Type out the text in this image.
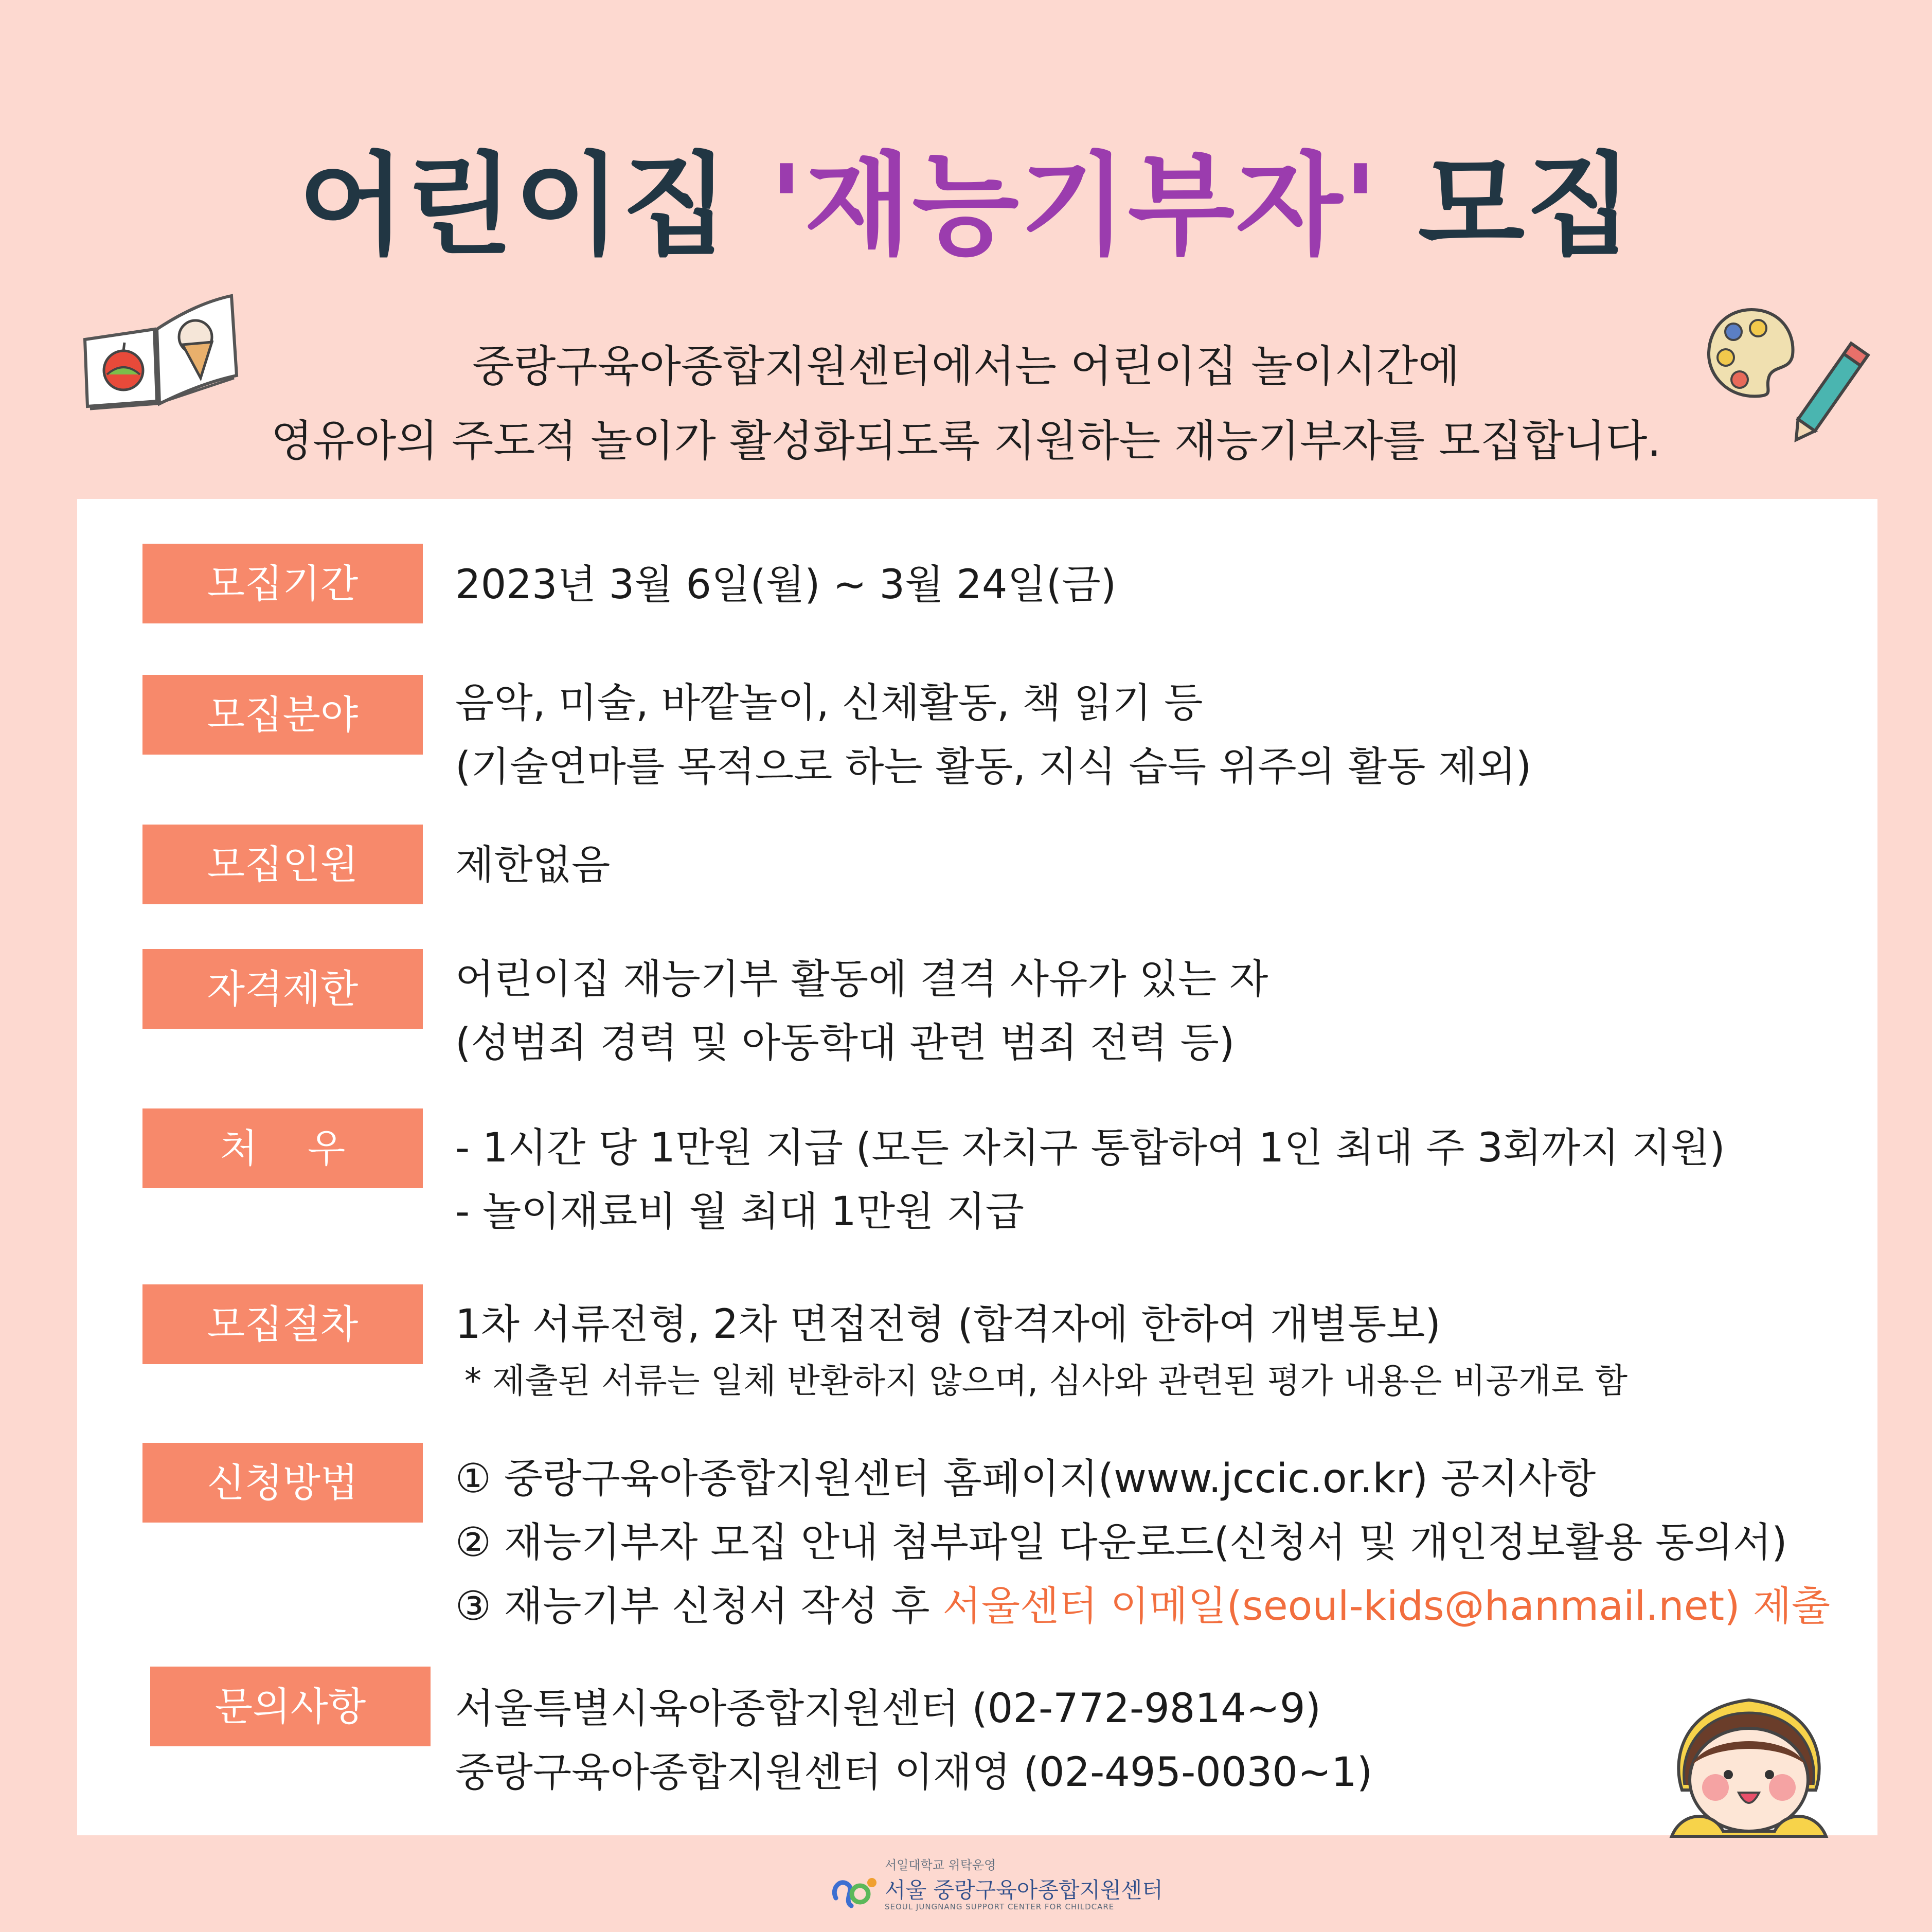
어린이집 '재능기부자' 모집
중랑구육아종합지원센터에서는 어린이집 놀이시간에
영유아의 주도적 놀이가 활성화되도록 지원하는 재능기부자를 모집합니다.
모집기간	2023년 3월 6일(월) ~ 3월 24일(금)
모집분야	음악, 미술, 바깥놀이, 신체활동, 책 읽기 등
(기술연마를 목적으로 하는 활동, 지식 습득 위주의 활동 제외)
모집인원	제한없음
자격제한	어린이집 재능기부 활동에 결격 사유가 있는 자
(성범죄 경력 및 아동학대 관련 범죄 전력 등)
처    우	- 1시간 당 1만원 지급 (모든 자치구 통합하여 1인 최대 주 3회까지 지원)
- 놀이재료비 월 최대 1만원 지급
모집절차	1차 서류전형, 2차 면접전형 (합격자에 한하여 개별통보)
* 제출된 서류는 일체 반환하지 않으며, 심사와 관련된 평가 내용은 비공개로 함
신청방법	① 중랑구육아종합지원센터 홈페이지(www.jccic.or.kr) 공지사항
② 재능기부자 모집 안내 첨부파일 다운로드(신청서 및 개인정보활용 동의서)
③ 재능기부 신청서 작성 후 서울센터 이메일(seoul-kids@hanmail.net) 제출
문의사항	서울특별시육아종합지원센터 (02-772-9814~9)
중랑구육아종합지원센터 이재영 (02-495-0030~1)
서일대학교 위탁운영
서울 중랑구육아종합지원센터
SEOUL JUNGNANG SUPPORT CENTER FOR CHILDCARE
